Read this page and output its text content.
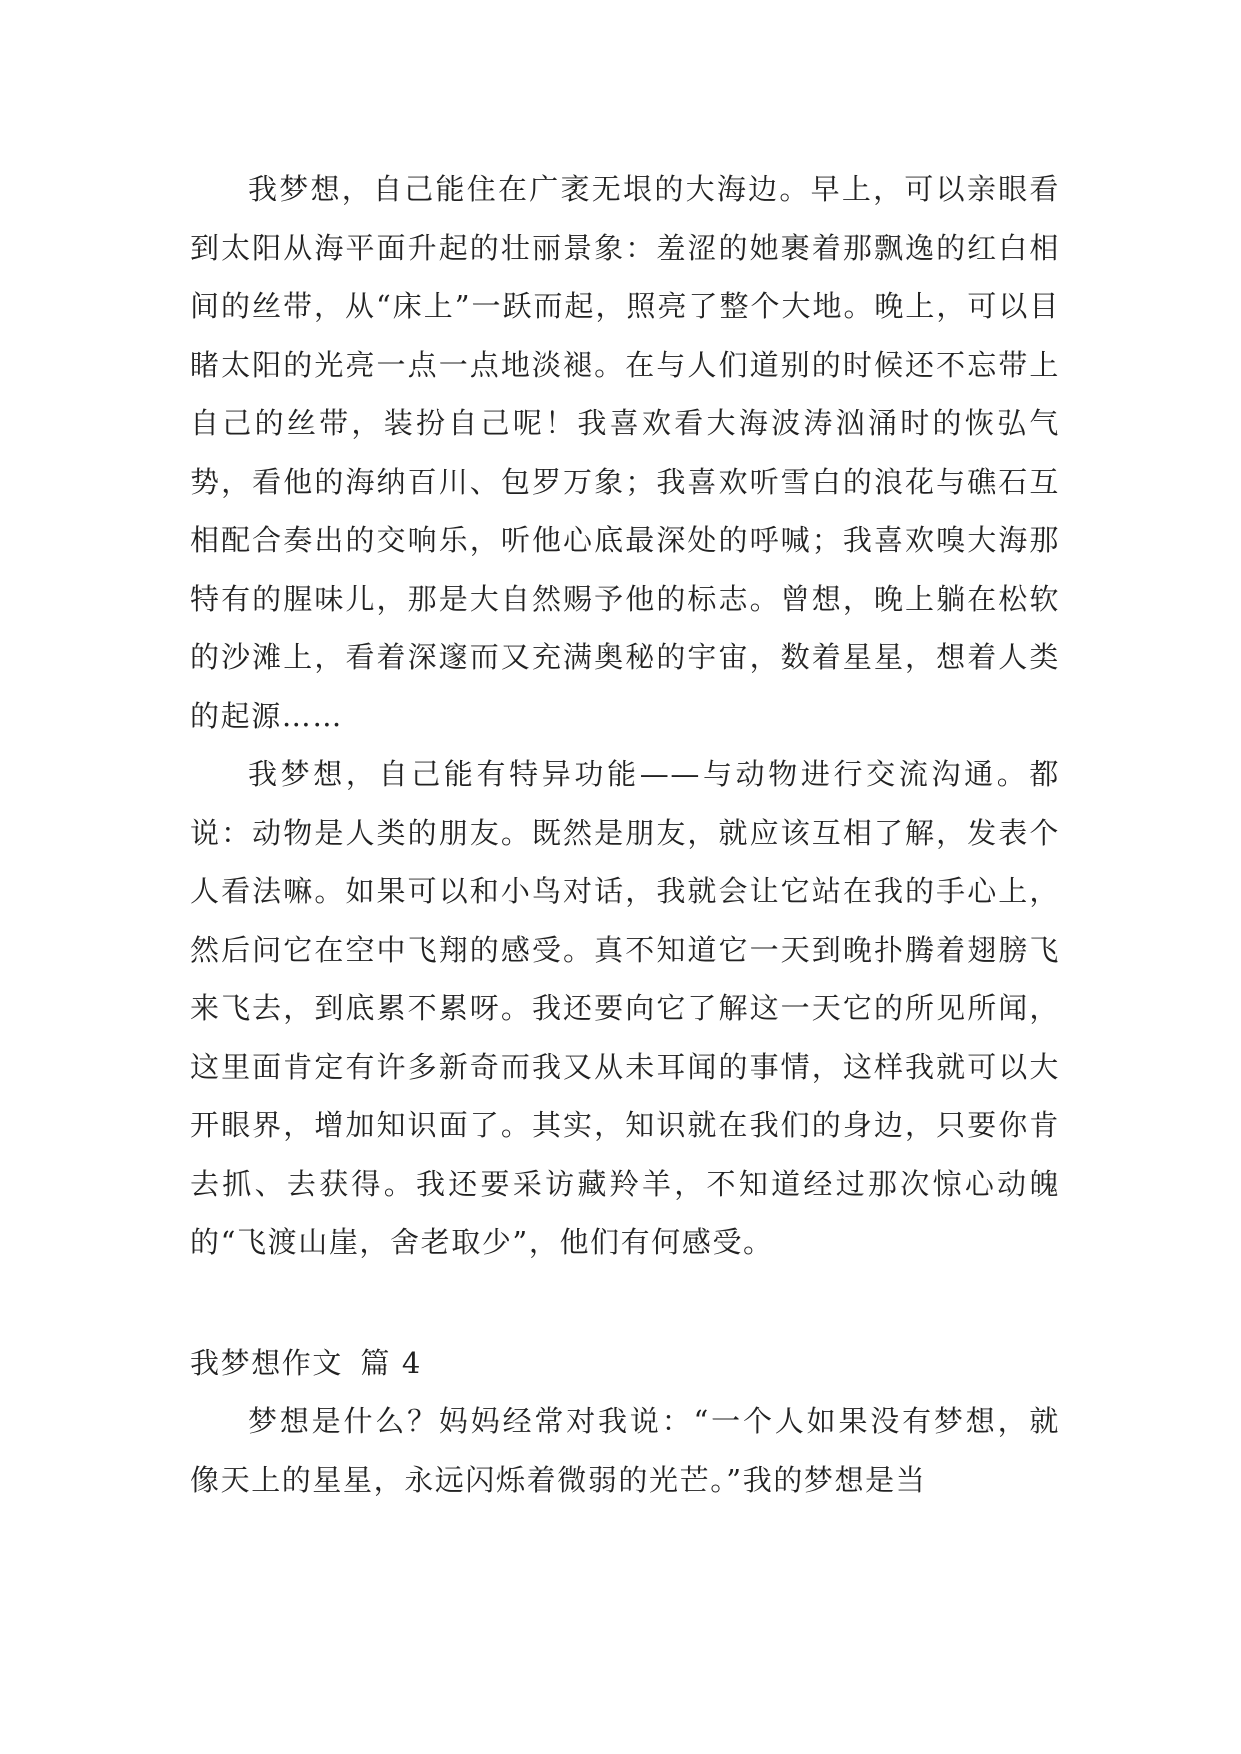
我梦想，自己能住在广袤无垠的大海边。早上，可以亲眼看到太阳从海平面升起的壮丽景象：羞涩的她裹着那飘逸的红白相间的丝带，从“床上”一跃而起，照亮了整个大地。晚上，可以目睹太阳的光亮一点一点地淡褪。在与人们道别的时候还不忘带上自己的丝带，装扮自己呢！我喜欢看大海波涛汹涌时的恢弘气势，看他的海纳百川、包罗万象；我喜欢听雪白的浪花与礁石互相配合奏出的交响乐，听他心底最深处的呼喊；我喜欢嗅大海那特有的腥味儿，那是大自然赐予他的标志。曾想，晚上躺在松软的沙滩上，看着深邃而又充满奥秘的宇宙，数着星星，想着人类的起源……

我梦想，自己能有特异功能——与动物进行交流沟通。都说：动物是人类的朋友。既然是朋友，就应该互相了解，发表个人看法嘛。如果可以和小鸟对话，我就会让它站在我的手心上，然后问它在空中飞翔的感受。真不知道它一天到晚扑腾着翅膀飞来飞去，到底累不累呀。我还要向它了解这一天它的所见所闻，这里面肯定有许多新奇而我又从未耳闻的事情，这样我就可以大开眼界，增加知识面了。其实，知识就在我们的身边，只要你肯去抓、去获得。我还要采访藏羚羊，不知道经过那次惊心动魄的“飞渡山崖，舍老取少”，他们有何感受。

我梦想作文 篇 4

梦想是什么？妈妈经常对我说：“一个人如果没有梦想，就像天上的星星，永远闪烁着微弱的光芒。”我的梦想是当
